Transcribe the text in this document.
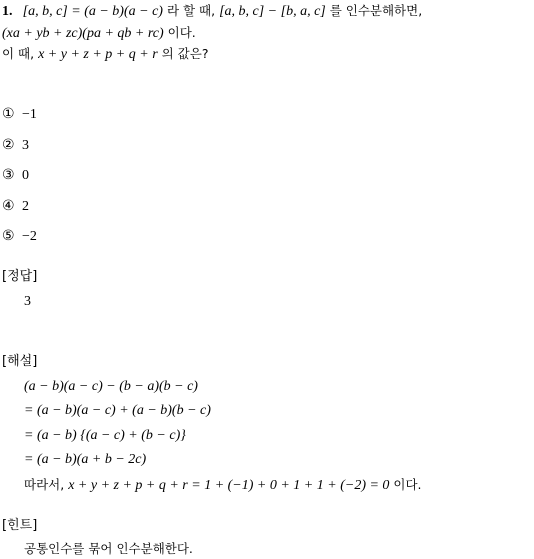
1. [a, b, c] = (a − b)(a − c) 라 할 때, [a, b, c] − [b, a, c] 를 인수분해하면,
(xa + yb + zc)(pa + qb + rc) 이다.
이 때, x + y + z + p + q + r 의 값은?
① −1
② 3
③ 0
④ 2
⑤ −2
[정답]
3
[해설]
(a − b)(a − c) − (b − a)(b − c)
= (a − b)(a − c) + (a − b)(b − c)
= (a − b) {(a − c) + (b − c)}
= (a − b)(a + b − 2c)
따라서, x + y + z + p + q + r = 1 + (−1) + 0 + 1 + 1 + (−2) = 0 이다.
[힌트]
공통인수를 묶어 인수분해한다.
